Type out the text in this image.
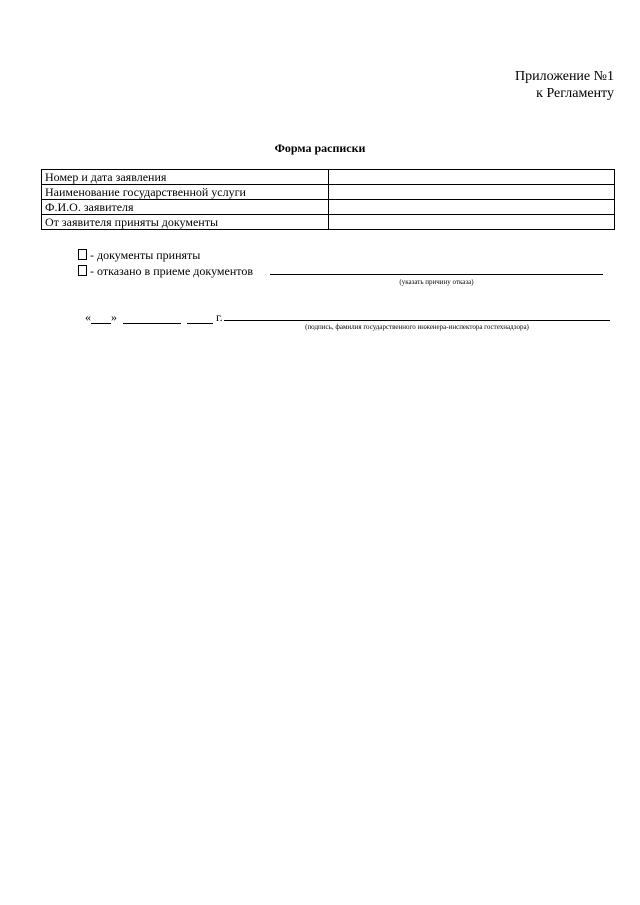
Приложение №1
к Регламенту
Форма расписки
Номер и дата заявления	
Наименование государственной услуги	
Ф.И.О. заявителя	
От заявителя приняты документы	
- документы приняты
- отказано в приеме документов
(указать причину отказа)
« »	г.
(подпись, фамилия государственного инженера-инспектора гостехнадзора)
